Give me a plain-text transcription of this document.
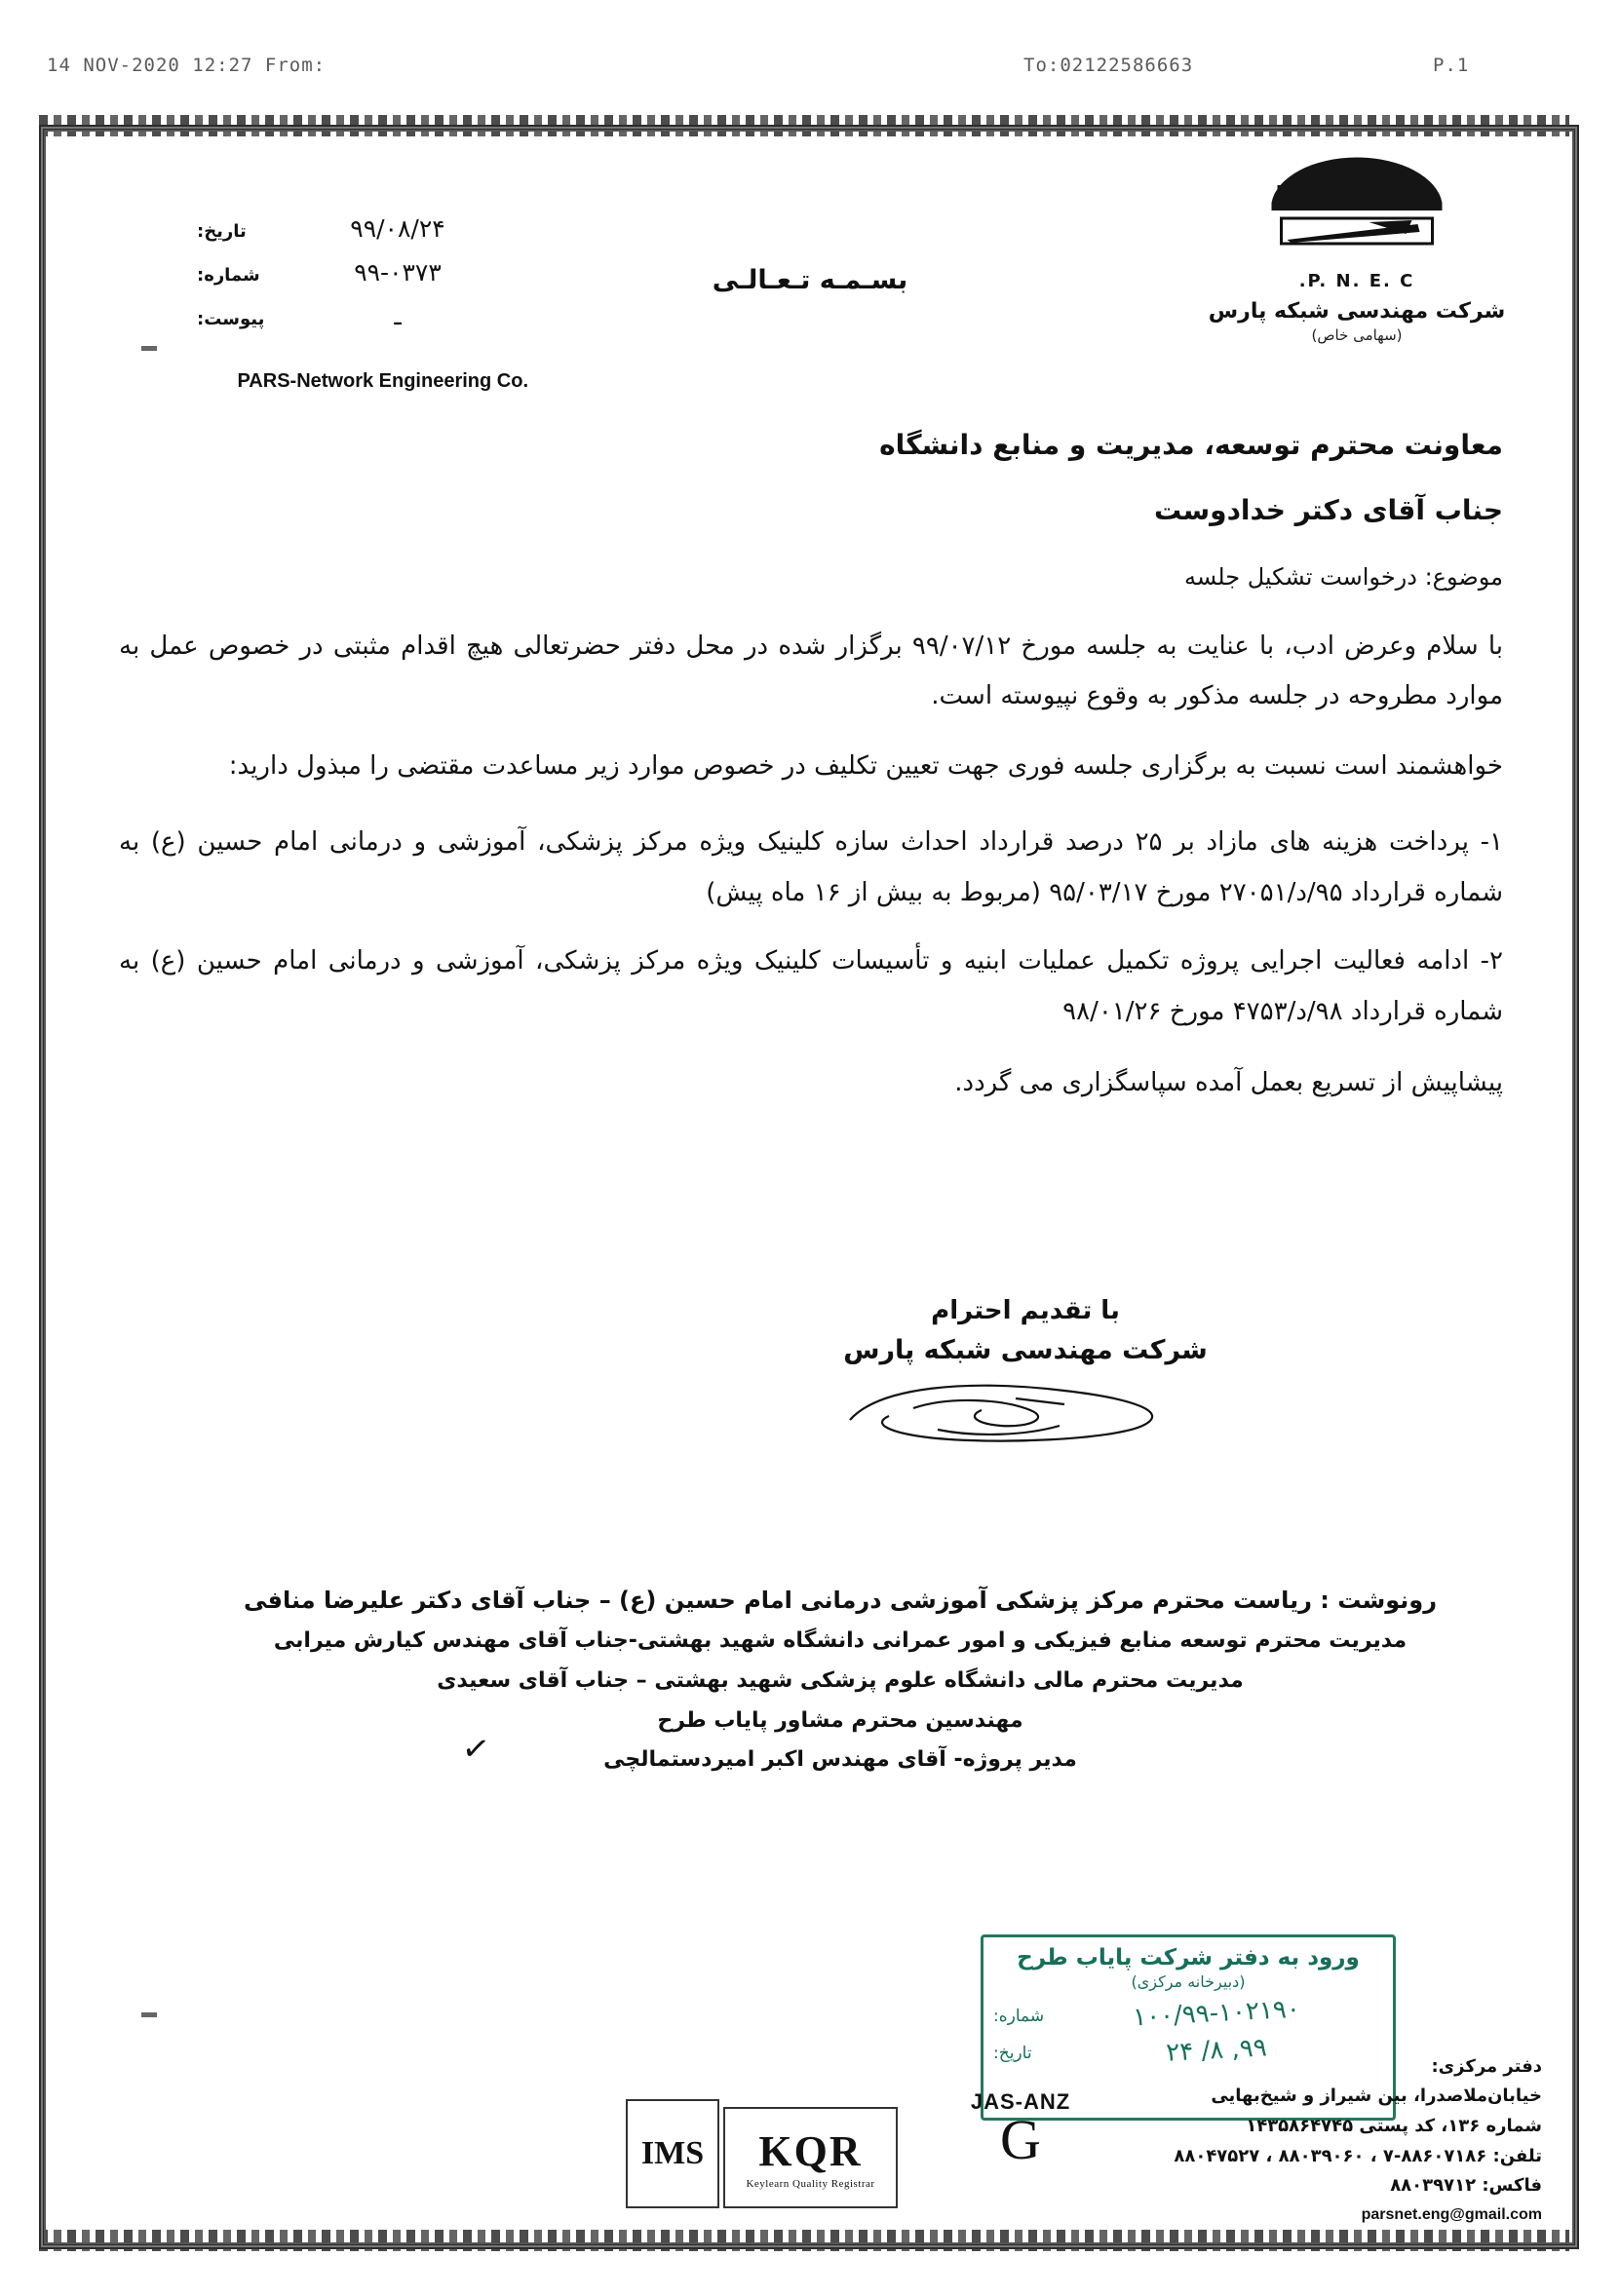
14 NOV-2020 12:27 From:	To:02122586663	P.1
P. N. E. C.
شرکت مهندسی شبکه پارس
(سهامی خاص)
۹۹/۰۸/۲۴
تاریخ:
۹۹-۰۳۷۳
شماره:
ـ
پیوست:
بسـمـه تـعـالـی
PARS-Network Engineering Co.
معاونت محترم توسعه، مدیریت و منابع دانشگاه
جناب آقای دکتر خدادوست
موضوع: درخواست تشکیل جلسه
با سلام وعرض ادب، با عنایت به جلسه مورخ ۹۹/۰۷/۱۲ برگزار شده در محل دفتر حضرتعالی هیچ اقدام مثبتی در خصوص عمل به موارد مطروحه در جلسه مذکور به وقوع نپیوسته است.
خواهشمند است نسبت به برگزاری جلسه فوری جهت تعیین تکلیف در خصوص موارد زیر مساعدت مقتضی را مبذول دارید:
۱- پرداخت هزینه های مازاد بر ۲۵ درصد قرارداد احداث سازه کلینیک ویژه مرکز پزشکی، آموزشی و درمانی امام حسین (ع) به شماره قرارداد ۹۵/د/۲۷۰۵۱ مورخ ۹۵/۰۳/۱۷ (مربوط به بیش از ۱۶ ماه پیش)
۲- ادامه فعالیت اجرایی پروژه تکمیل عملیات ابنیه و تأسیسات کلینیک ویژه مرکز پزشکی، آموزشی و درمانی امام حسین (ع) به شماره قرارداد ۹۸/د/۴۷۵۳ مورخ ۹۸/۰۱/۲۶
پیشاپیش از تسریع بعمل آمده سپاسگزاری می گردد.
با تقدیم احترام
شرکت مهندسی شبکه پارس
رونوشت : ریاست محترم مرکز پزشکی آموزشی درمانی امام حسین (ع) – جناب آقای دکتر علیرضا منافی
مدیریت محترم توسعه منابع فیزیکی و امور عمرانی دانشگاه شهید بهشتی-جناب آقای مهندس کیارش میرابی
مدیریت محترم مالی دانشگاه علوم پزشکی شهید بهشتی – جناب آقای سعیدی
مهندسین محترم مشاور پایاب طرح
مدیر پروژه- آقای مهندس اکبر امیردستمالچی
✓
ورود به دفتر شرکت پایاب طرح
(دبیرخانه مرکزی)
۱۰۰/۹۹-۱۰۲۱۹۰
شماره:
۹۹, ۸/ ۲۴
تاریخ:
IMS	KQR
Keylearn Quality Registrar
JAS-ANZ
G
دفتر مرکزی:
خیابان‌ملاصدرا، بین شیراز و شیخ‌بهایی
شماره ۱۳۶، کد پستی ۱۴۳۵۸۶۴۷۴۵
تلفن: ۸۸۶۰۷۱۸۶-۷ ، ۸۸۰۳۹۰۶۰ ، ۸۸۰۴۷۵۲۷
فاکس: ۸۸۰۳۹۷۱۲
parsnet.eng@gmail.com
